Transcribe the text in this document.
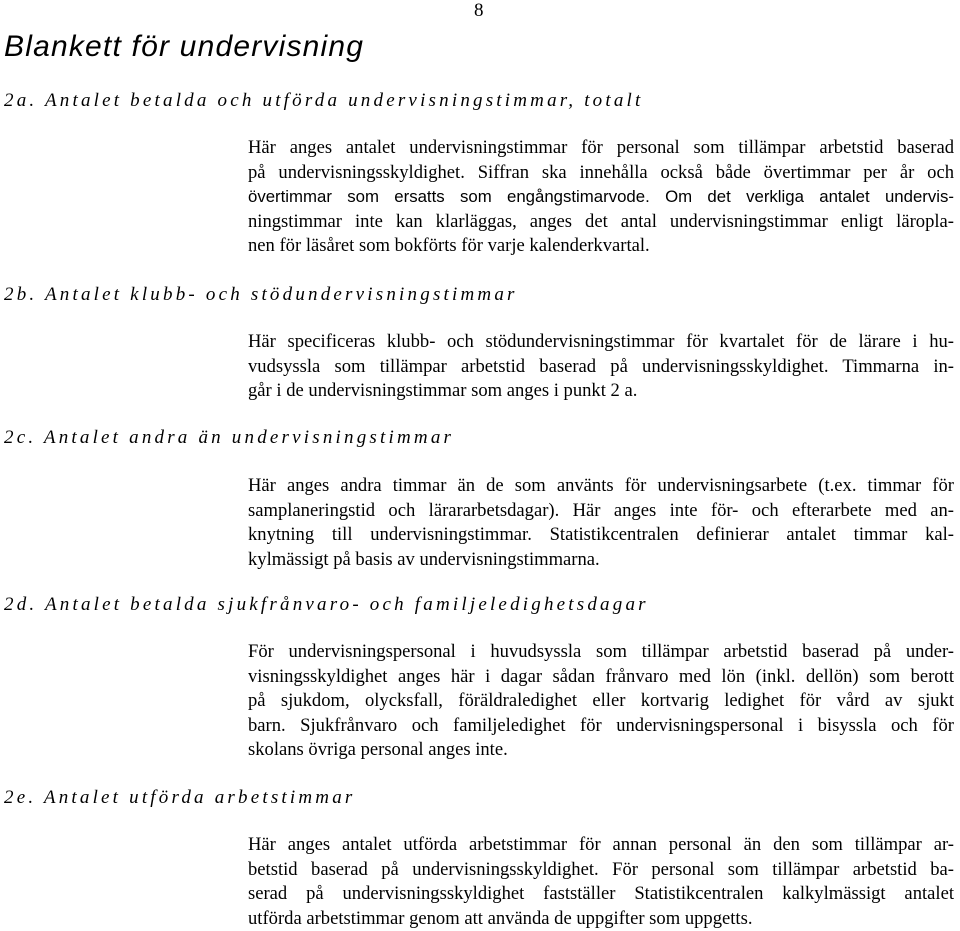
8
Blankett för undervisning
2a. Antalet betalda och utförda undervisningstimmar, totalt
Här anges antalet undervisningstimmar för personal som tillämpar arbetstid baserad
på undervisningsskyldighet. Siffran ska innehålla också både övertimmar per år och
övertimmar som ersatts som engångstimarvode. Om det verkliga antalet undervis-
ningstimmar inte kan klarläggas, anges det antal undervisningstimmar enligt läropla-
nen för läsåret som bokförts för varje kalenderkvartal.
2b. Antalet klubb- och stödundervisningstimmar
Här specificeras klubb- och stödundervisningstimmar för kvartalet för de lärare i hu-
vudsyssla som tillämpar arbetstid baserad på undervisningsskyldighet. Timmarna in-
går i de undervisningstimmar som anges i punkt 2 a.
2c. Antalet andra än undervisningstimmar
Här anges andra timmar än de som använts för undervisningsarbete (t.ex. timmar för
samplaneringstid och lärararbetsdagar). Här anges inte för- och efterarbete med an-
knytning till undervisningstimmar. Statistikcentralen definierar antalet timmar kal-
kylmässigt på basis av undervisningstimmarna.
2d. Antalet betalda sjukfrånvaro- och familjeledighetsdagar
För undervisningspersonal i huvudsyssla som tillämpar arbetstid baserad på under-
visningsskyldighet anges här i dagar sådan frånvaro med lön (inkl. dellön) som berott
på sjukdom, olycksfall, föräldraledighet eller kortvarig ledighet för vård av sjukt
barn. Sjukfrånvaro och familjeledighet för undervisningspersonal i bisyssla och för
skolans övriga personal anges inte.
2e. Antalet utförda arbetstimmar
Här anges antalet utförda arbetstimmar för annan personal än den som tillämpar ar-
betstid baserad på undervisningsskyldighet. För personal som tillämpar arbetstid ba-
serad på undervisningsskyldighet fastställer Statistikcentralen kalkylmässigt antalet
utförda arbetstimmar genom att använda de uppgifter som uppgetts.
